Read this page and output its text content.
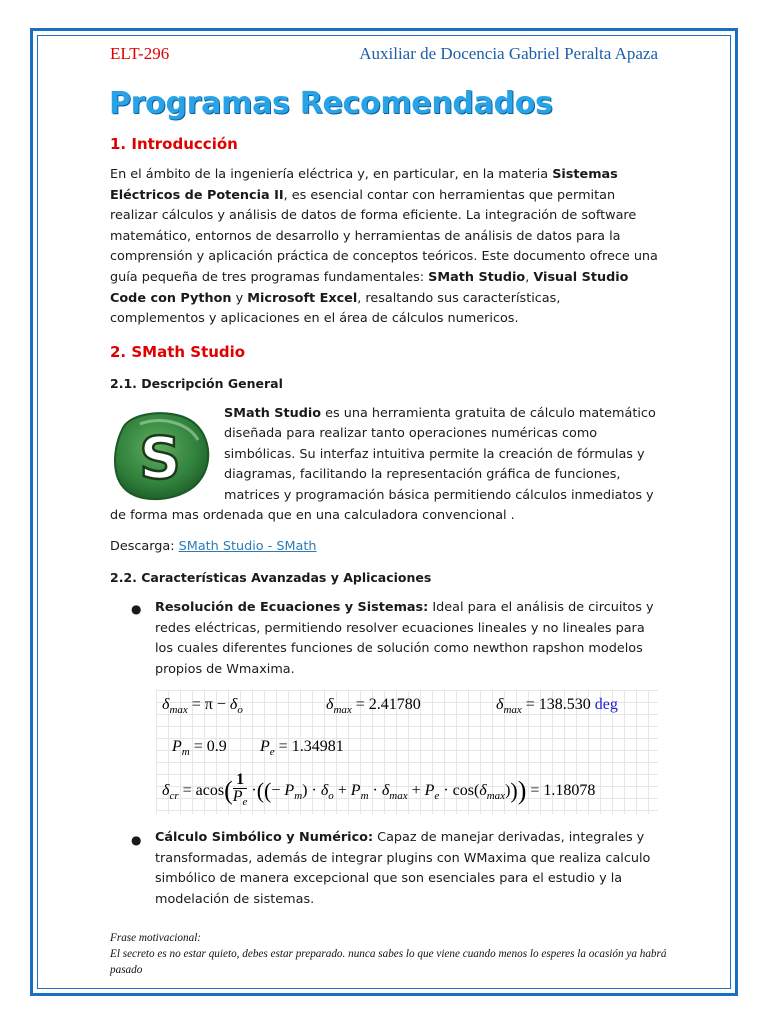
ELT-296	Auxiliar de Docencia Gabriel Peralta Apaza
Programas Recomendados
1. Introducción

En el ámbito de la ingeniería eléctrica y, en particular, en la materia Sistemas Eléctricos de Potencia II, es esencial contar con herramientas que permitan realizar cálculos y análisis de datos de forma eficiente. La integración de software matemático, entornos de desarrollo y herramientas de análisis de datos para la comprensión y aplicación práctica de conceptos teóricos. Este documento ofrece una guía pequeña de tres programas fundamentales: SMath Studio, Visual Studio Code con Python y Microsoft Excel, resaltando sus características, complementos y aplicaciones en el área de cálculos numericos.

2. SMath Studio
2.1. Descripción General
S

SMath Studio es una herramienta gratuita de cálculo matemático diseñada para realizar tanto operaciones numéricas como simbólicas. Su interfaz intuitiva permite la creación de fórmulas y diagramas, facilitando la representación gráfica de funciones, matrices y programación básica permitiendo cálculos inmediatos y

de forma mas ordenada que en una calculadora convencional .

Descarga: SMath Studio - SMath
2.2. Características Avanzadas y Aplicaciones
● Resolución de Ecuaciones y Sistemas: Ideal para el análisis de circuitos y redes eléctricas, permitiendo resolver ecuaciones lineales y no lineales para los cuales diferentes funciones de solución como newthon rapshon modelos propios de Wmaxima.

$\delta_{max} = \pi - \delta_o$	$\delta_{max} = 2.41780$	$\delta_{max} = 138.530$ deg
$P_m = 0.9$ $P_e = 1.34981$
$\delta_{cr} = acos( \frac{1}{P_e}$ ·((− $P_m) \cdot \delta_o + P_m \cdot \delta_{max} + P_e \cdot \cos(\delta_{max}))) = 1.18078$
● Cálculo Simbólico y Numérico: Capaz de manejar derivadas, integrales y transformadas, además de integrar plugins con WMaxima que realiza calculo simbólico de manera excepcional que son esenciales para el estudio y la modelación de sistemas.

Frase motivacional:
El secreto es no estar quieto, debes estar preparado. nunca sabes lo que viene cuando menos lo esperes la ocasión ya habrá pasado
